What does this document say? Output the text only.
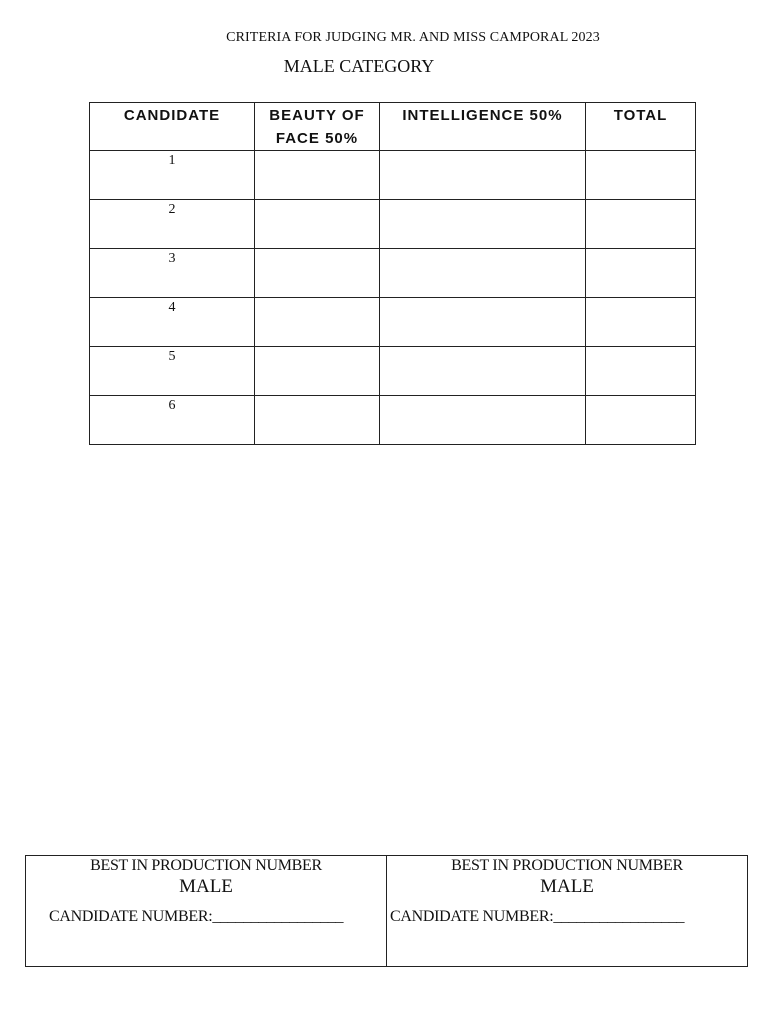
CRITERIA FOR JUDGING MR. AND MISS CAMPORAL 2023
MALE CATEGORY
CANDIDATE	BEAUTY OF FACE 50%	INTELLIGENCE 50%	TOTAL
1			
2			
3			
4			
5			
6			
BEST IN PRODUCTION NUMBER
MALE
CANDIDATE NUMBER:_________________
BEST IN PRODUCTION NUMBER
MALE
CANDIDATE NUMBER:_________________
